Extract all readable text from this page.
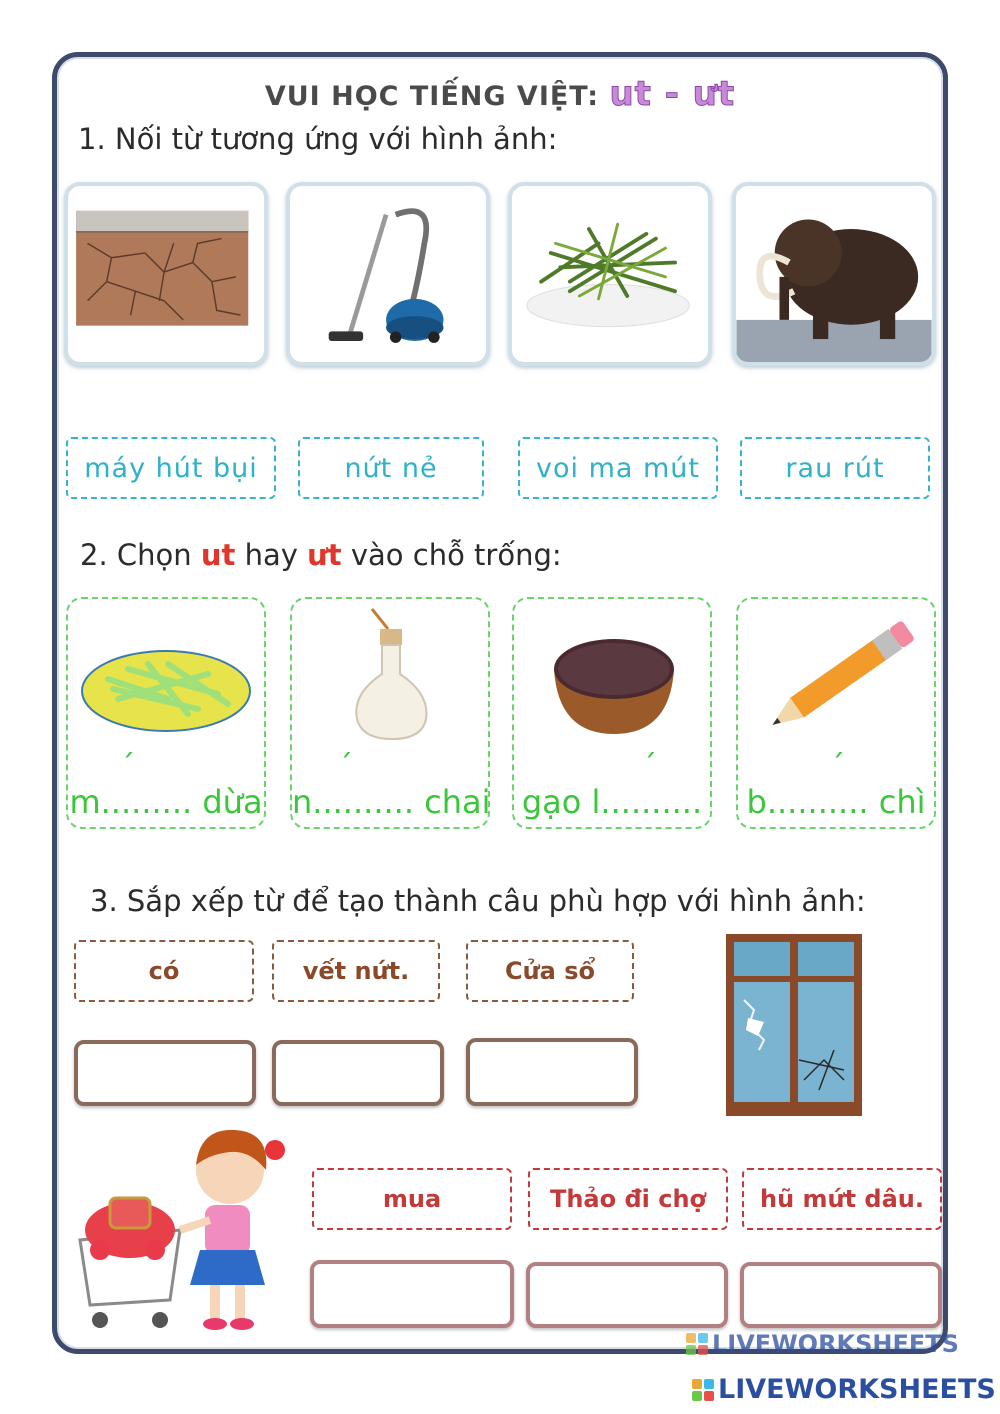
VUI HỌC TIẾNG VIỆT: ut - ưt
1. Nối từ tương ứng với hình ảnh:
máy hút bụi	nứt nẻ	voi ma mút	rau rút
2. Chọn ut hay ưt vào chỗ trống:
´
m......... dừa
´
n.......... chai
´
gạo l..........
´
b.......... chì
3. Sắp xếp từ để tạo thành câu phù hợp với hình ảnh:
có	vết nứt.	Cửa sổ
mua	Thảo đi chợ	hũ mứt dâu.
LIVEWORKSHEETS
LIVEWORKSHEETS
